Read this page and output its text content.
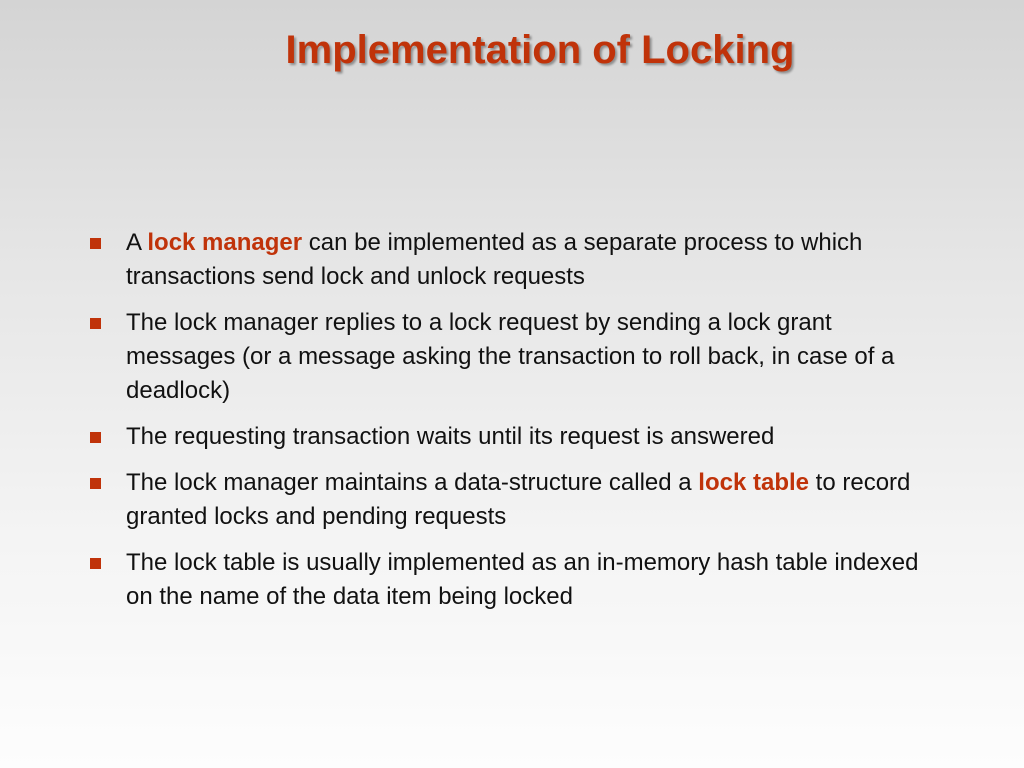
Implementation of Locking
A lock manager can be implemented as a separate process to which transactions send lock and unlock requests
The lock manager replies to a lock request by sending a lock grant messages (or a message asking the transaction to roll back, in case of a deadlock)
The requesting transaction waits until its request is answered
The lock manager maintains a data-structure called a lock table to record granted locks and pending requests
The lock table is usually implemented as an in-memory hash table indexed on the name of the data item being locked
